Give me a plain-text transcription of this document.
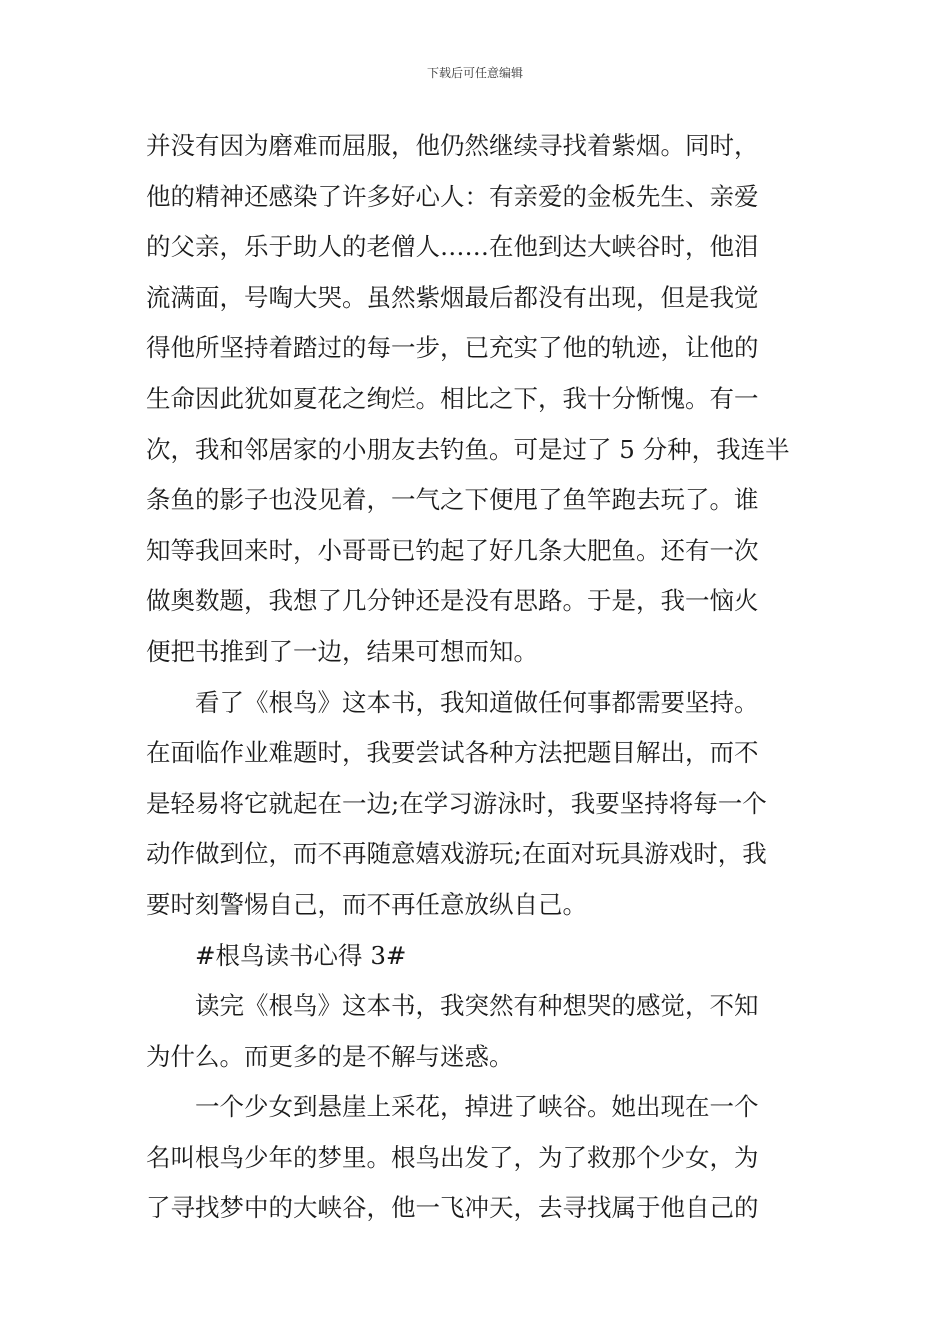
下载后可任意编辑
并没有因为磨难而屈服，他仍然继续寻找着紫烟。同时，
他的精神还感染了许多好心人：有亲爱的金板先生、亲爱
的父亲，乐于助人的老僧人……在他到达大峡谷时，他泪
流满面，号啕大哭。虽然紫烟最后都没有出现，但是我觉
得他所坚持着踏过的每一步，已充实了他的轨迹，让他的
生命因此犹如夏花之绚烂。相比之下，我十分惭愧。有一
次，我和邻居家的小朋友去钓鱼。可是过了 5 分种，我连半
条鱼的影子也没见着，一气之下便甩了鱼竿跑去玩了。谁
知等我回来时，小哥哥已钓起了好几条大肥鱼。还有一次
做奥数题，我想了几分钟还是没有思路。于是，我一恼火
便把书推到了一边，结果可想而知。
看了《根鸟》这本书，我知道做任何事都需要坚持。
在面临作业难题时，我要尝试各种方法把题目解出，而不
是轻易将它就起在一边;在学习游泳时，我要坚持将每一个
动作做到位，而不再随意嬉戏游玩;在面对玩具游戏时，我
要时刻警惕自己，而不再任意放纵自己。
#根鸟读书心得 3#
读完《根鸟》这本书，我突然有种想哭的感觉，不知
为什么。而更多的是不解与迷惑。
一个少女到悬崖上采花，掉进了峡谷。她出现在一个
名叫根鸟少年的梦里。根鸟出发了，为了救那个少女，为
了寻找梦中的大峡谷，他一飞冲天，去寻找属于他自己的
